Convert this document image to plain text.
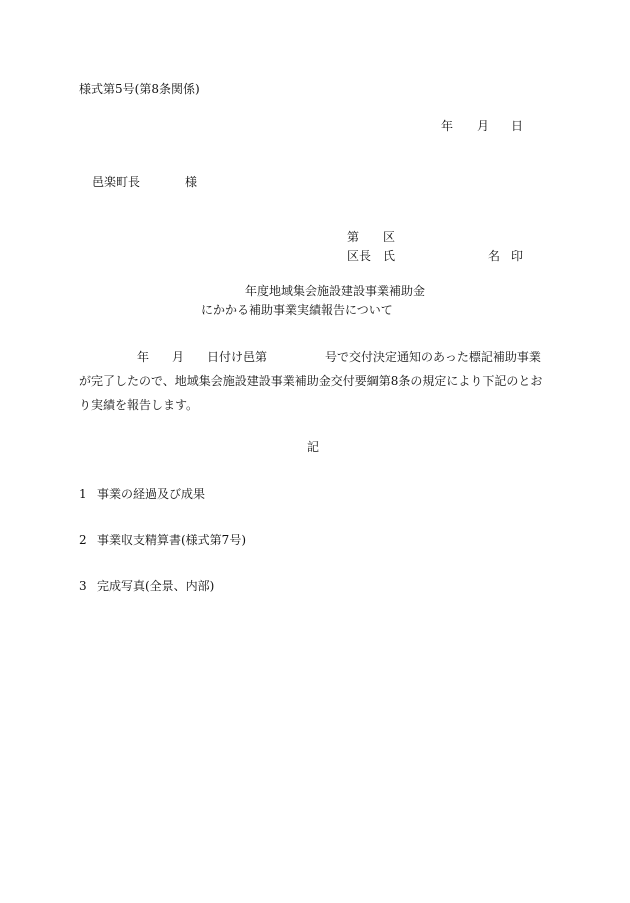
様式第5号(第8条関係)
年 月 日
邑楽町長	様
第 区
区長　氏	名 印
年度地域集会施設建設事業補助金
にかかる補助事業実績報告について
年 月 日付け邑第	号で交付決定通知のあった標記補助事業が完了したので、地域集会施設建設事業補助金交付要綱第8条の規定により下記のとおり実績を報告します。
記
1 事業の経過及び成果
2 事業収支精算書(様式第7号)
3 完成写真(全景、内部)
